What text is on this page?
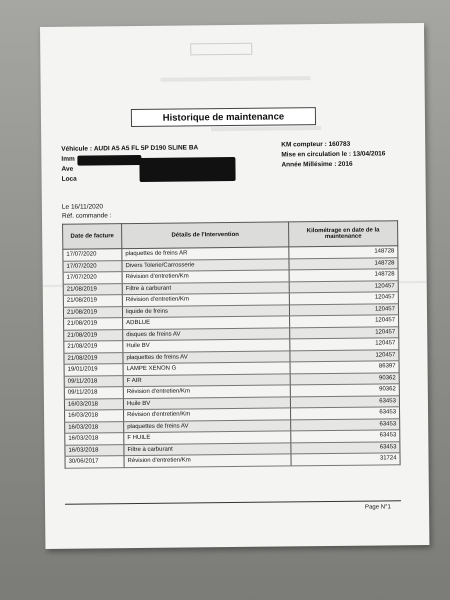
Historique de maintenance
Véhicule : AUDI A5 A5 FL 5P D190 SLINE BA
Imm
Ave
Loca
KM compteur : 160783
Mise en circulation le : 13/04/2016
Année Millésime : 2016
Le 16/11/2020
Réf. commande :
Date de facture	Détails de l'Intervention	Kilométrage en date de la maintenance
17/07/2020	plaquettes de freins AR	148728
17/07/2020	Divers Tolerie/Carrosserie	148728
17/07/2020	Révision d'entretien/Km	148728
21/08/2019	Filtre à carburant	120457
21/08/2019	Révision d'entretien/Km	120457
21/08/2019	liquide de freins	120457
21/08/2019	ADBLUE	120457
21/08/2019	disques de freins AV	120457
21/08/2019	Huile BV	120457
21/08/2019	plaquettes de freins AV	120457
19/01/2019	LAMPE XENON G	86397
09/11/2018	F AIR	90362
09/11/2018	Révision d'entretien/Km	90362
16/03/2018	Huile BV	63453
16/03/2018	Révision d'entretien/Km	63453
16/03/2018	plaquettes de freins AV	63453
16/03/2018	F HUILE	63453
16/03/2018	Filtre à carburant	63453
30/06/2017	Révision d'entretien/Km	31724
Page N°1
